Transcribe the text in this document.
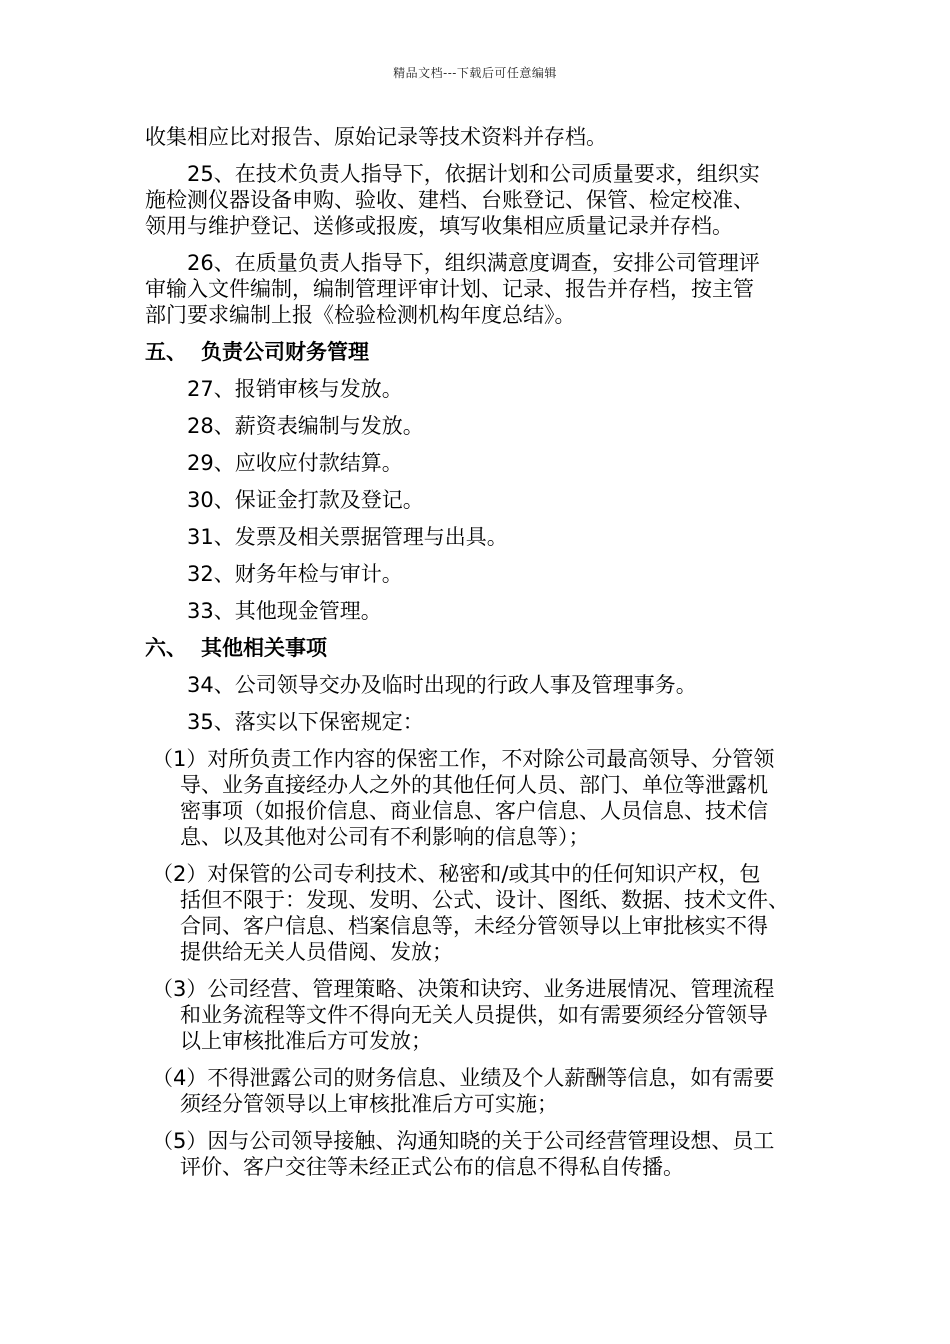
精品文档---下载后可任意编辑
收集相应比对报告、原始记录等技术资料并存档。
25、在技术负责人指导下，依据计划和公司质量要求，组织实
施检测仪器设备申购、验收、建档、台账登记、保管、检定校准、
领用与维护登记、送修或报废，填写收集相应质量记录并存档。
26、在质量负责人指导下，组织满意度调查，安排公司管理评
审输入文件编制，编制管理评审计划、记录、报告并存档，按主管
部门要求编制上报《检验检测机构年度总结》。
五、 负责公司财务管理
27、报销审核与发放。
28、薪资表编制与发放。
29、应收应付款结算。
30、保证金打款及登记。
31、发票及相关票据管理与出具。
32、财务年检与审计。
33、其他现金管理。
六、 其他相关事项
34、公司领导交办及临时出现的行政人事及管理事务。
35、落实以下保密规定：
（1）对所负责工作内容的保密工作，不对除公司最高领导、分管领
导、业务直接经办人之外的其他任何人员、部门、单位等泄露机
密事项（如报价信息、商业信息、客户信息、人员信息、技术信
息、以及其他对公司有不利影响的信息等）；
（2）对保管的公司专利技术、秘密和/或其中的任何知识产权，包
括但不限于：发现、发明、公式、设计、图纸、数据、技术文件、
合同、客户信息、档案信息等，未经分管领导以上审批核实不得
提供给无关人员借阅、发放；
（3）公司经营、管理策略、决策和诀窍、业务进展情况、管理流程
和业务流程等文件不得向无关人员提供，如有需要须经分管领导
以上审核批准后方可发放；
（4）不得泄露公司的财务信息、业绩及个人薪酬等信息，如有需要
须经分管领导以上审核批准后方可实施；
（5）因与公司领导接触、沟通知晓的关于公司经营管理设想、员工
评价、客户交往等未经正式公布的信息不得私自传播。
